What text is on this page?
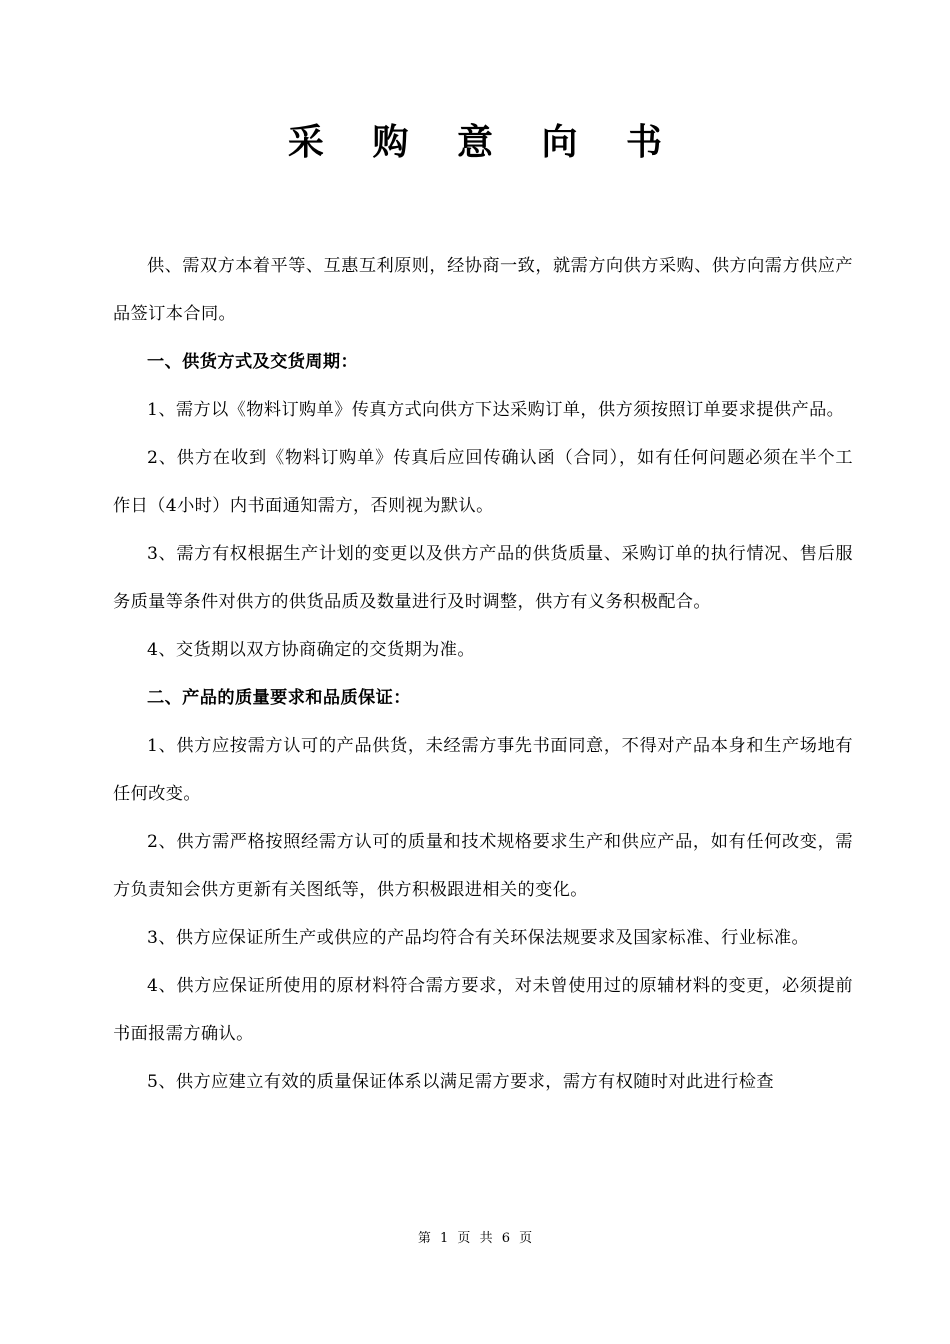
采 购 意 向 书

供、需双方本着平等、互惠互利原则，经协商一致，就需方向供方采购、供方向需方供应产品签订本合同。

一、供货方式及交货周期：

1、需方以《物料订购单》传真方式向供方下达采购订单，供方须按照订单要求提供产品。

2、供方在收到《物料订购单》传真后应回传确认函（合同），如有任何问题必须在半个工作日（4小时）内书面通知需方，否则视为默认。

3、需方有权根据生产计划的变更以及供方产品的供货质量、采购订单的执行情况、售后服务质量等条件对供方的供货品质及数量进行及时调整，供方有义务积极配合。

4、交货期以双方协商确定的交货期为准。

二、产品的质量要求和品质保证：

1、供方应按需方认可的产品供货，未经需方事先书面同意，不得对产品本身和生产场地有任何改变。

2、供方需严格按照经需方认可的质量和技术规格要求生产和供应产品，如有任何改变，需方负责知会供方更新有关图纸等，供方积极跟进相关的变化。

3、供方应保证所生产或供应的产品均符合有关环保法规要求及国家标准、行业标准。

4、供方应保证所使用的原材料符合需方要求，对未曾使用过的原辅材料的变更，必须提前书面报需方确认。

5、供方应建立有效的质量保证体系以满足需方要求，需方有权随时对此进行检查

第 1 页 共 6 页
